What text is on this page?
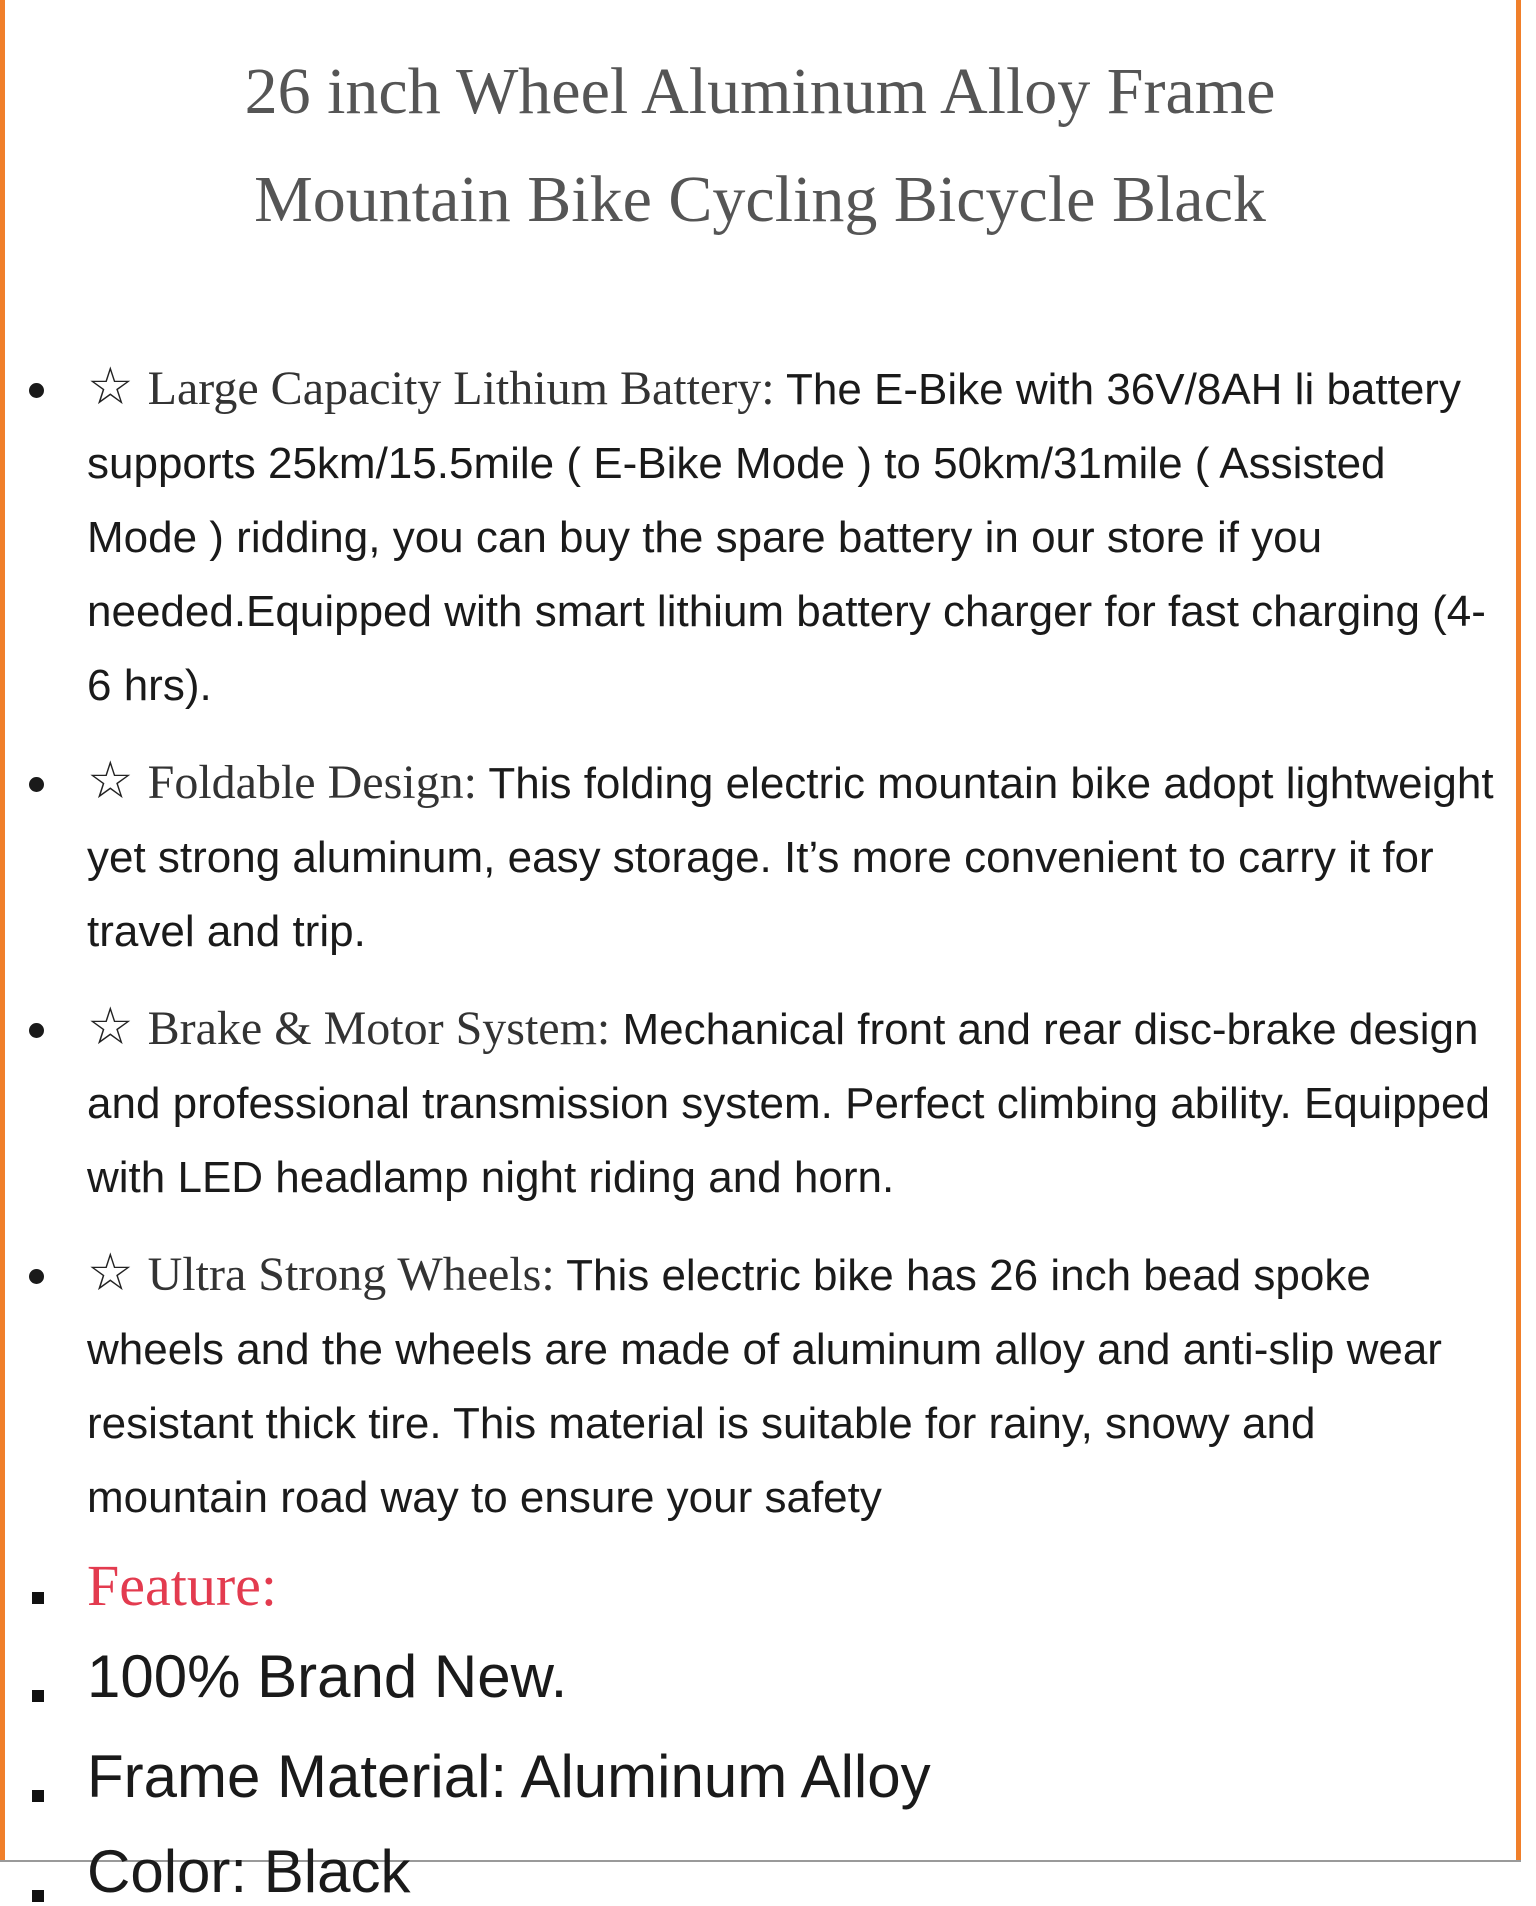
26 inch Wheel Aluminum Alloy Frame
Mountain Bike Cycling Bicycle Black
☆ Large Capacity Lithium Battery: The E-Bike with 36V/8AH li battery supports 25km/15.5mile ( E-Bike Mode ) to 50km/31mile ( Assisted Mode ) ridding, you can buy the spare battery in our store if you needed.Equipped with smart lithium battery charger for fast charging (4-6 hrs).
☆ Foldable Design: This folding electric mountain bike adopt lightweight yet strong aluminum, easy storage. It’s more convenient to carry it for travel and trip.
☆ Brake & Motor System: Mechanical front and rear disc-brake design and professional transmission system. Perfect climbing ability. Equipped with LED headlamp night riding and horn.
☆ Ultra Strong Wheels: This electric bike has 26 inch bead spoke wheels and the wheels are made of aluminum alloy and anti-slip wear resistant thick tire. This material is suitable for rainy, snowy and mountain road way to ensure your safety
Feature:
100% Brand New.
Frame Material: Aluminum Alloy
Color: Black
